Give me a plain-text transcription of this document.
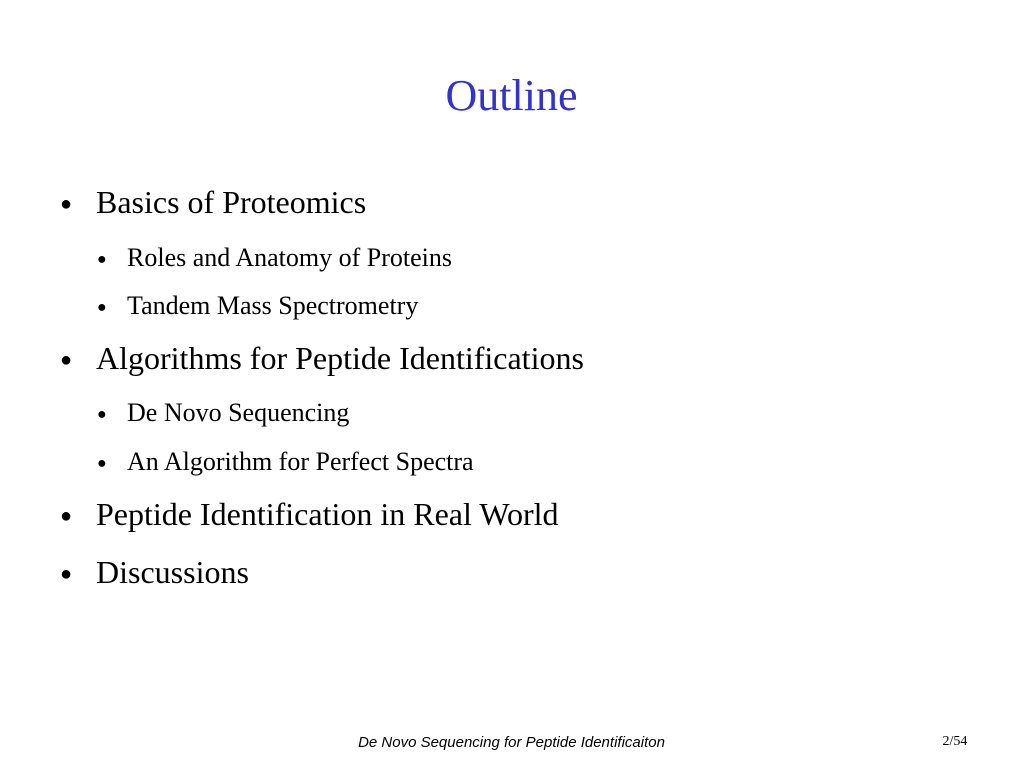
Outline
● Basics of Proteomics
● Roles and Anatomy of Proteins
● Tandem Mass Spectrometry
● Algorithms for Peptide Identifications
● De Novo Sequencing
● An Algorithm for Perfect Spectra
● Peptide Identification in Real World
● Discussions
De Novo Sequencing for Peptide Identificaiton	2/54
